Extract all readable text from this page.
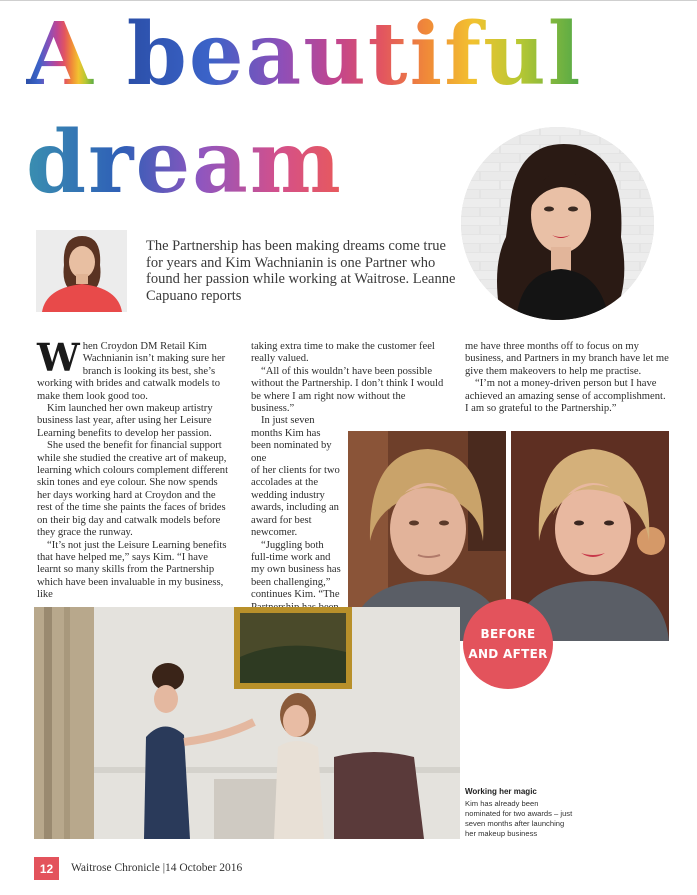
A beautiful
dream
The Partnership has been making dreams come true for years and Kim Wachnianin is one Partner who found her passion while working at Waitrose. Leanne Capuano reports

When Croydon DM Retail Kim Wachnianin isn’t making sure her branch is looking its best, she’s working with brides and catwalk models to make them look good too.

Kim launched her own makeup artistry business last year, after using her Leisure Learning benefits to develop her passion.

She used the benefit for financial support while she studied the creative art of makeup, learning which colours complement different skin tones and eye colour. She now spends her days working hard at Croydon and the rest of the time she paints the faces of brides on their big day and catwalk models before they grace the runway.

“It’s not just the Leisure Learning benefits that have helped me,” says Kim. “I have learnt so many skills from the Partnership which have been invaluable in my business, like

taking extra time to make the customer feel really valued.

“All of this wouldn’t have been possible without the Partnership. I don’t think I would be where I am right now without the business.”

In just seven months Kim has been nominated by one

of her clients for two accolades at the wedding industry awards, including an award for best newcomer.

“Juggling both full-time work and my own business has been challenging,” continues Kim. “The

me have three months off to focus on my business, and Partners in my branch have let me give them makeovers to help me practise.

“I’m not a money-driven person but I have achieved an amazing sense of accomplishment. I am so grateful to the Partnership.”

BEFORE
AND AFTER
Working her magic
Kim has already been nominated for two awards – just seven months after launching her makeup business
12	Waitrose Chronicle |14 October 2016
